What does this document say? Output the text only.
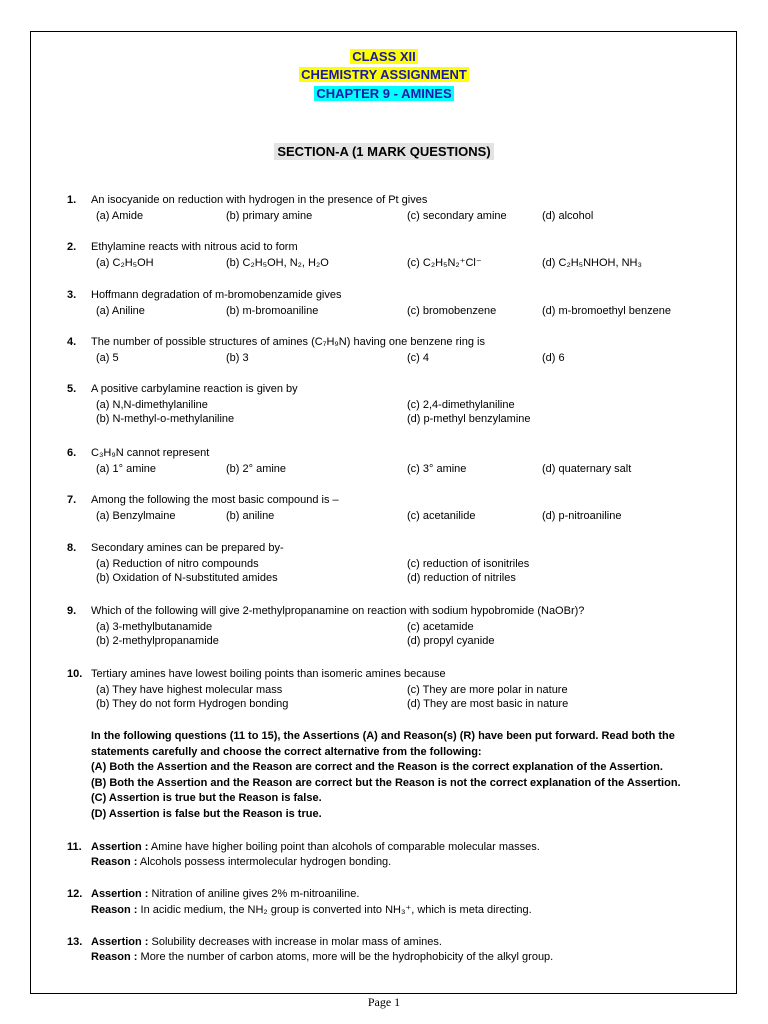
CLASS XII
CHEMISTRY ASSIGNMENT
CHAPTER 9 - AMINES
SECTION-A (1 MARK QUESTIONS)
1. An isocyanide on reduction with hydrogen in the presence of Pt gives
(a) Amide	(b) primary amine	(c) secondary amine	(d) alcohol
2. Ethylamine reacts with nitrous acid to form
(a) C₂H₅OH	(b) C₂H₅OH, N₂, H₂O	(c) C₂H₅N₂⁺Cl⁻	(d) C₂H₅NHOH, NH₃
3. Hoffmann degradation of m-bromobenzamide gives
(a) Aniline	(b) m-bromoaniline	(c) bromobenzene	(d) m-bromoethyl benzene
4. The number of possible structures of amines (C₇H₉N) having one benzene ring is
(a) 5	(b) 3	(c) 4	(d) 6
5. A positive carbylamine reaction is given by
(a) N,N-dimethylaniline	(c) 2,4-dimethylaniline
(b) N-methyl-o-methylaniline	(d) p-methyl benzylamine
6. C₃H₉N cannot represent
(a) 1° amine	(b) 2° amine	(c) 3° amine	(d) quaternary salt
7. Among the following the most basic compound is –
(a) Benzylmaine	(b) aniline	(c) acetanilide	(d) p-nitroaniline
8. Secondary amines can be prepared by-
(a) Reduction of nitro compounds	(c) reduction of isonitriles
(b) Oxidation of N-substituted amides	(d) reduction of nitriles
9. Which of the following will give 2-methylpropanamine on reaction with sodium hypobromide (NaOBr)?
(a) 3-methylbutanamide	(c) acetamide
(b) 2-methylpropanamide	(d) propyl cyanide
10. Tertiary amines have lowest boiling points than isomeric amines because
(a) They have highest molecular mass	(c) They are more polar in nature
(b) They do not form Hydrogen bonding	(d) They are most basic in nature
In the following questions (11 to 15), the Assertions (A) and Reason(s) (R) have been put forward. Read both the statements carefully and choose the correct alternative from the following:
(A) Both the Assertion and the Reason are correct and the Reason is the correct explanation of the Assertion.
(B) Both the Assertion and the Reason are correct but the Reason is not the correct explanation of the Assertion.
(C) Assertion is true but the Reason is false.
(D) Assertion is false but the Reason is true.
11. Assertion : Amine have higher boiling point than alcohols of comparable molecular masses.
Reason : Alcohols possess intermolecular hydrogen bonding.
12. Assertion : Nitration of aniline gives 2% m-nitroaniline.
Reason : In acidic medium, the NH₂ group is converted into NH₃⁺, which is meta directing.
13. Assertion : Solubility decreases with increase in molar mass of amines.
Reason : More the number of carbon atoms, more will be the hydrophobicity of the alkyl group.
Page 1
